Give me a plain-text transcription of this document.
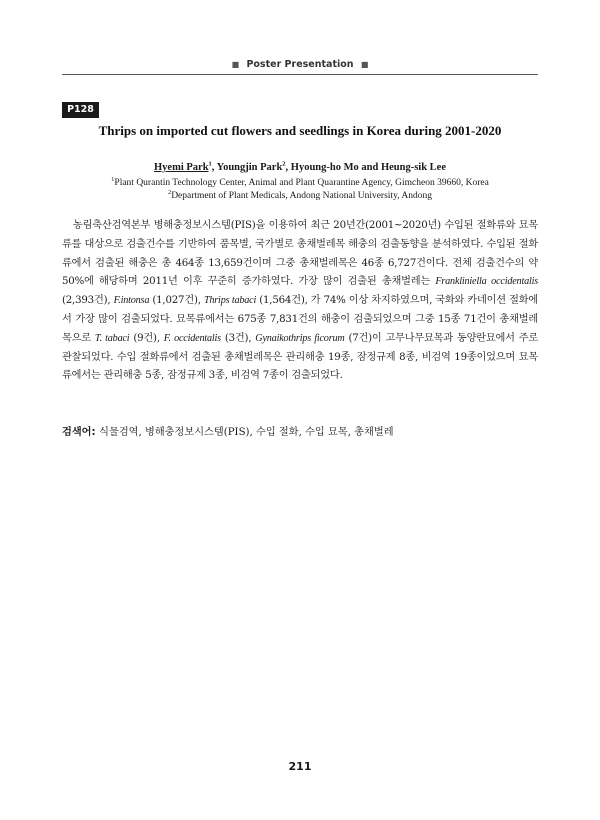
■ Poster Presentation ■
P128
Thrips on imported cut flowers and seedlings in Korea during 2001-2020
Hyemi Park$^1$, Youngjin Park$^2$, Hyoung-ho Mo and Heung-sik Lee
$^1$Plant Qurantin Technology Center, Animal and Plant Quarantine Agency, Gimcheon 39660, Korea
$^2$Department of Plant Medicals, Andong National University, Andong
농림축산검역본부 병해충정보시스템(PIS)을 이용하여 최근 20년간(2001~2020년) 수입된 절화류와 묘목류를 대상으로 검출건수를 기반하여 품목별, 국가별로 총채벌레목 해충의 검출동향을 분석하였다. 수입된 절화류에서 검출된 해충은 총 464종 13,659건이며 그중 총채벌레목은 46종 6,727건이다. 전체 검출건수의 약 50%에 해당하며 2011년 이후 꾸준히 증가하였다. 가장 많이 검출된 총채벌레는 Frankliniella occidentalis (2,393건), F.intonsa (1,027건), Thrips tabaci (1,564건), 가 74% 이상 차지하였으며, 국화와 카네이션 절화에서 가장 많이 검출되었다. 묘목류에서는 675종 7,831건의 해충이 검출되었으며 그중 15종 71건이 총채벌레목으로 T. tabaci (9건), F. occidentalis (3건), Gynaikothrips ficorum (7건)이 고무나무묘목과 동양란묘에서 주로 관찰되었다. 수입 절화류에서 검출된 총채벌레목은 관리해충 19종, 잠정규제 8종, 비검역 19종이었으며 묘목류에서는 관리해충 5종, 잠정규제 3종, 비검역 7종이 검출되었다.
검색어: 식물검역, 병해충정보시스템(PIS), 수입 절화, 수입 묘목, 총채벌레
211
